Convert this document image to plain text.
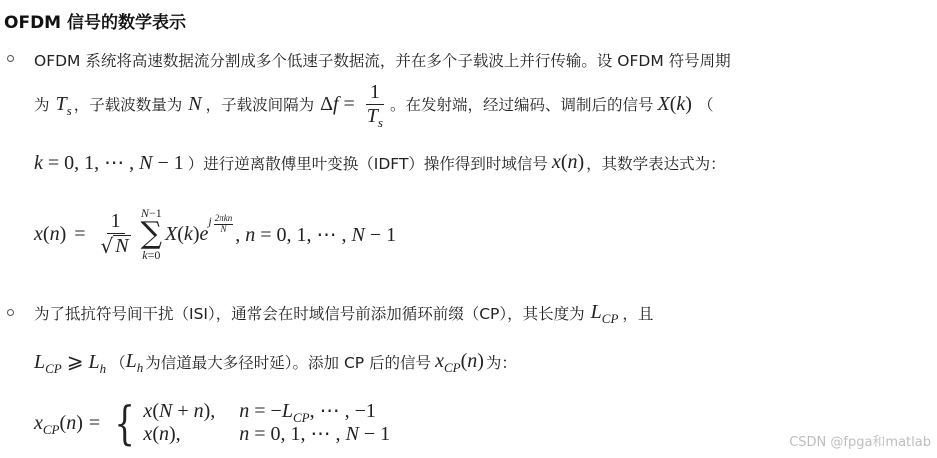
OFDM 信号的数学表示
OFDM 系统将高速数据流分割成多个低速子数据流，并在多个子载波上并行传输。设 OFDM 符号周期
为 $T_s$ ，子载波数量为 N ，子载波间隔为 Δ $f = \frac{1}{T_s}$ 。在发射端，经过编码、调制后的信号 X(k) （
k = 0, 1, ⋯ , N − 1 ）进行逆离散傅里叶变换（IDFT）操作得到时域信号 x(n) ，其数学表达式为：
$x(n) = \frac{1}{√ N} N-1$
∑
k=0
X(k)e
j 2πkn
N , n = 0, 1, ⋯ , N − 1
为了抵抗符号间干扰（ISI），通常会在时域信号前添加循环前缀（CP），其长度为 $L_{CP}$ ，且
$L_{CP}$ ⩾ $L_h$ （ $L_h$ 为信道最大多径时延）。添加 CP 后的信号 $x_{CP}(n)$ 为：
$x_{CP}(n)$ = { x(N + n), $n = -L_{CP}$, ⋯ , −1
x(n),	n = 0, 1, ⋯ , N − 1	CSDN @fpga和matlab
